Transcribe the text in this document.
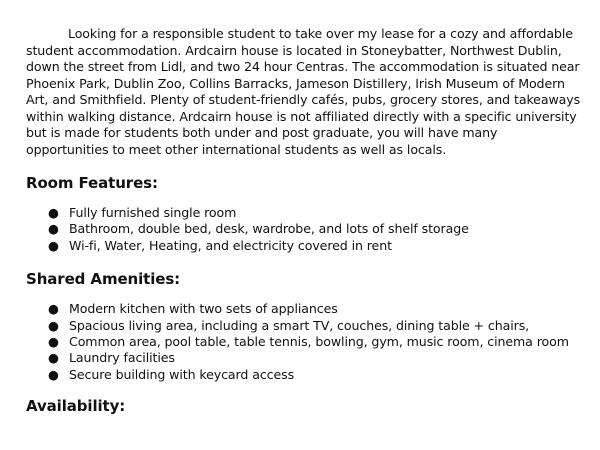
Looking for a responsible student to take over my lease for a cozy and affordable student accommodation. Ardcairn house is located in Stoneybatter, Northwest Dublin, down the street from Lidl, and two 24 hour Centras. The accommodation is situated near Phoenix Park, Dublin Zoo, Collins Barracks, Jameson Distillery, Irish Museum of Modern Art, and Smithfield. Plenty of student-friendly cafés, pubs, grocery stores, and takeaways within walking distance. Ardcairn house is not affiliated directly with a specific university but is made for students both under and post graduate, you will have many opportunities to meet other international students as well as locals.

Room Features:
● Fully furnished single room
● Bathroom, double bed, desk, wardrobe, and lots of shelf storage
● Wi-fi, Water, Heating, and electricity covered in rent
Shared Amenities:
● Modern kitchen with two sets of appliances
● Spacious living area, including a smart TV, couches, dining table + chairs,
● Common area, pool table, table tennis, bowling, gym, music room, cinema room
● Laundry facilities
● Secure building with keycard access
Availability:
